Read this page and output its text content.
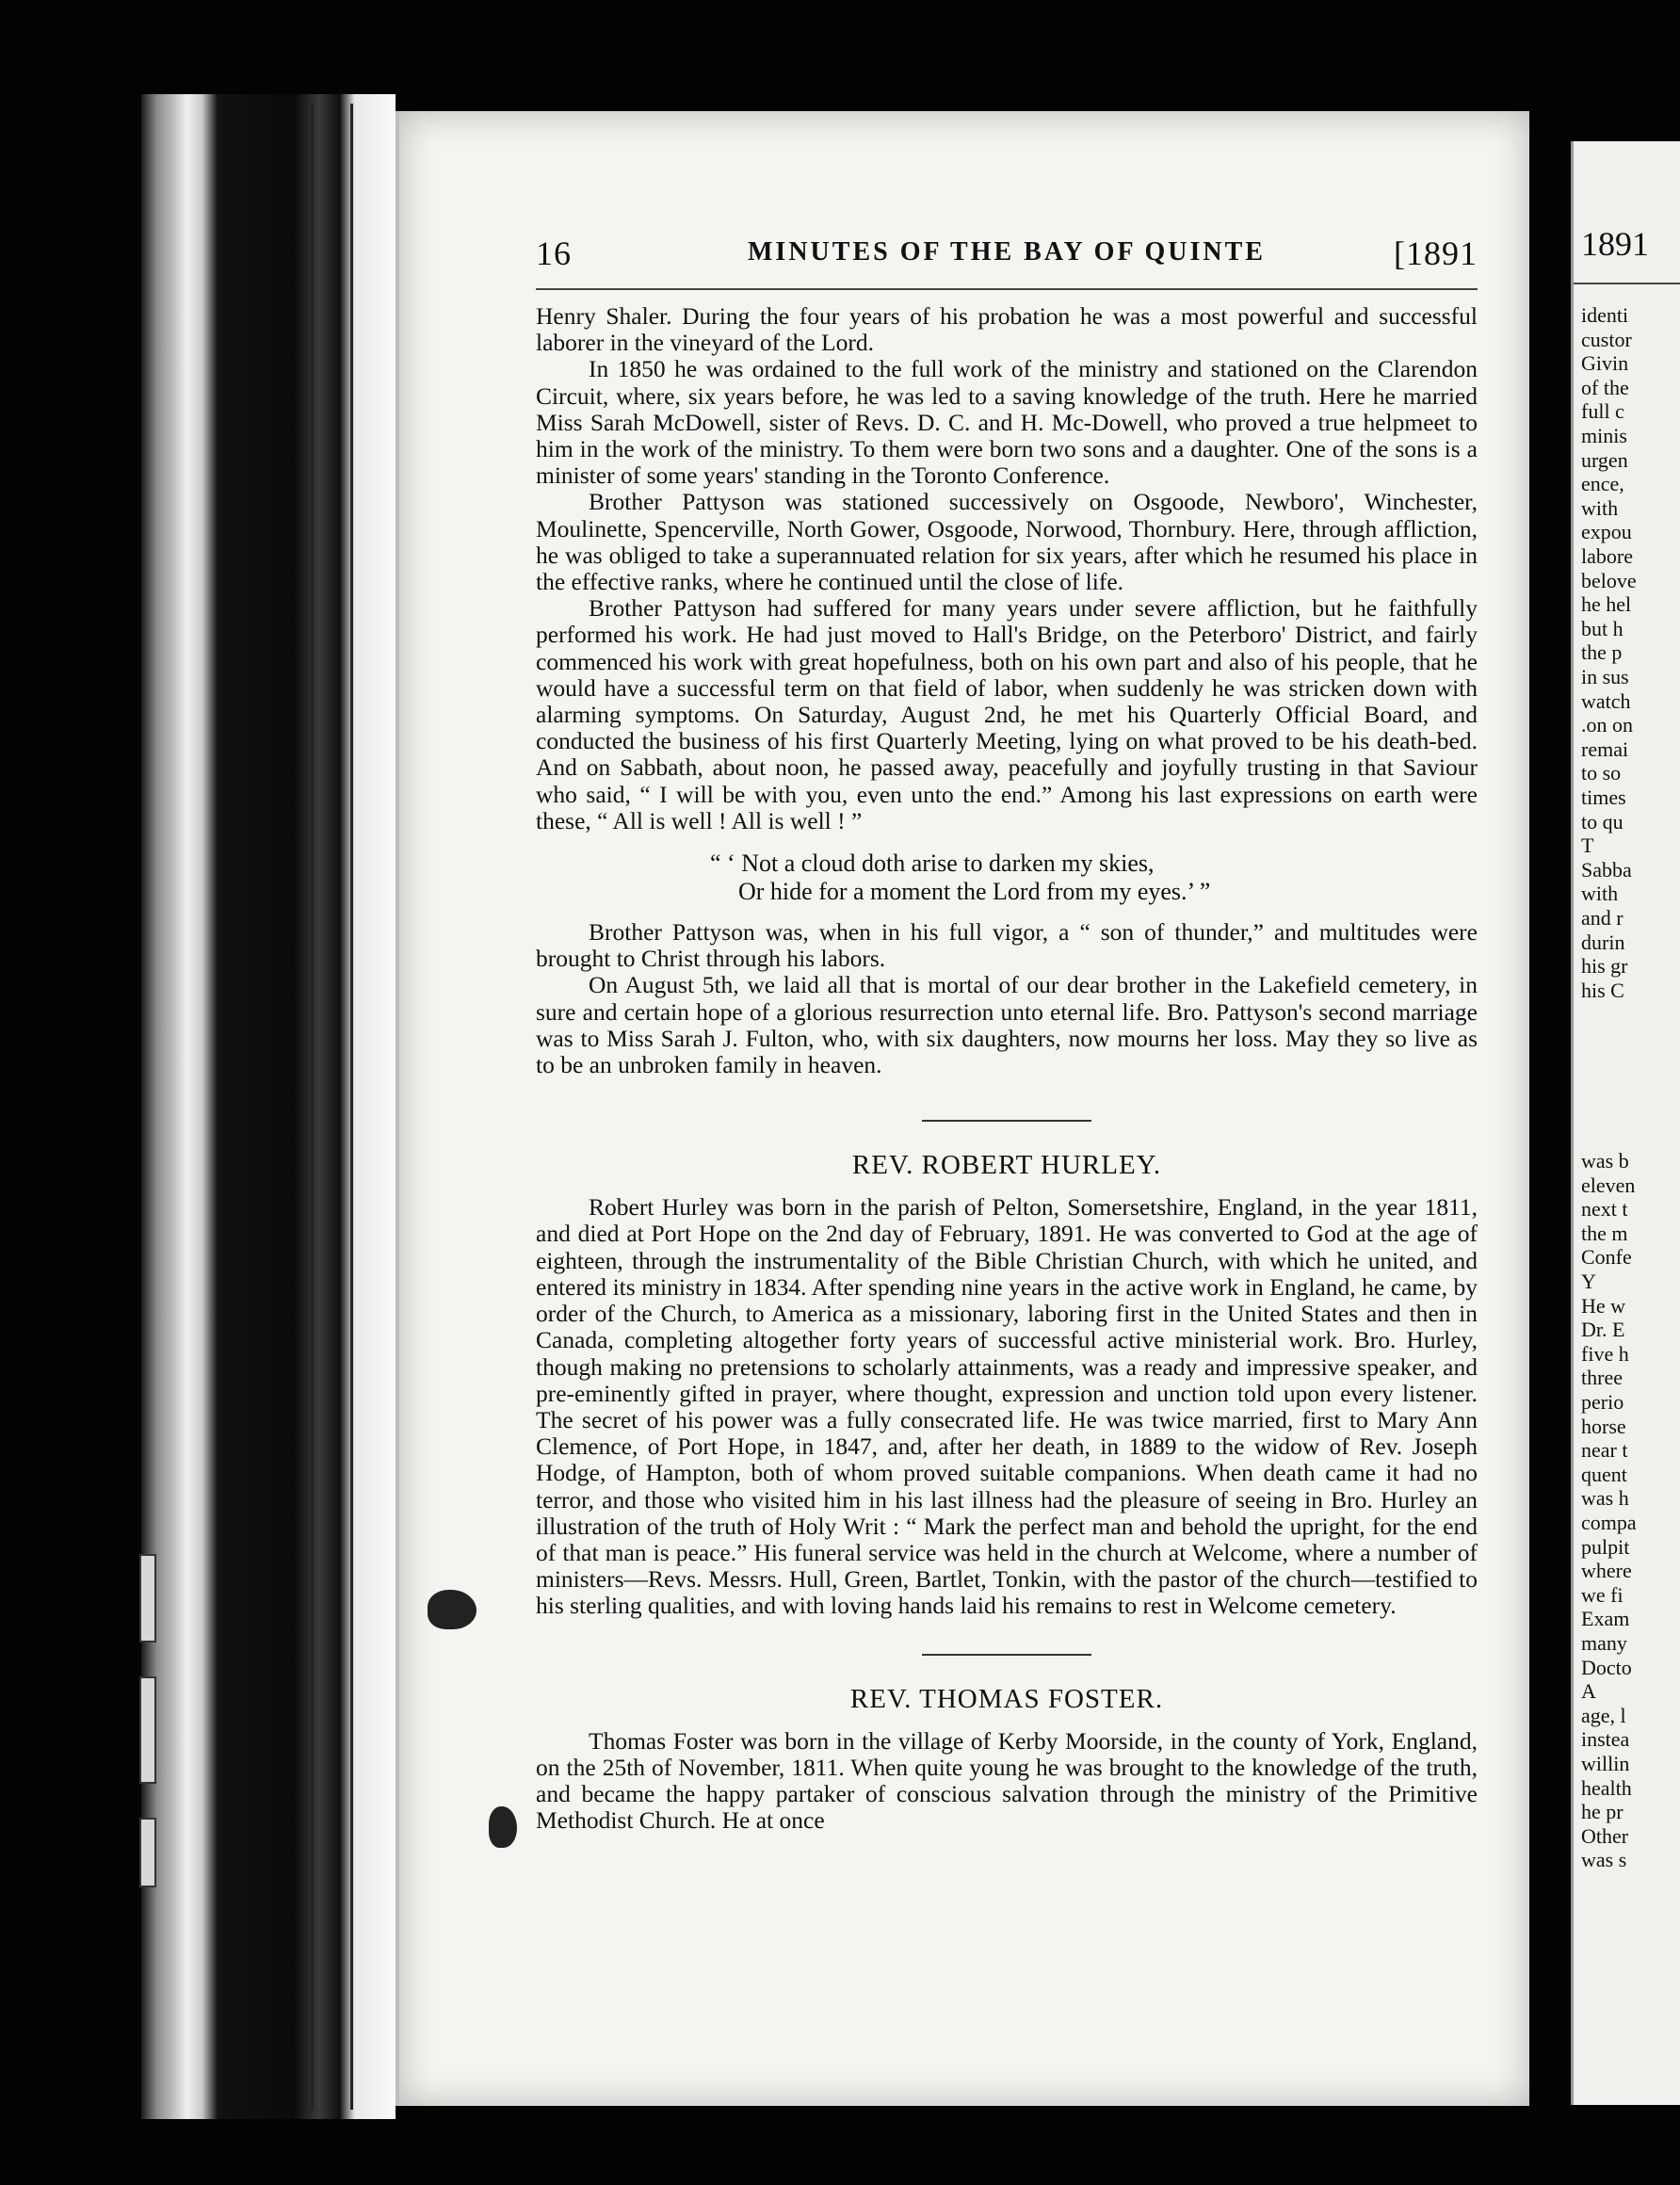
16	MINUTES OF THE BAY OF QUINTE	[1891

Henry Shaler. During the four years of his probation he was a most powerful and successful laborer in the vineyard of the Lord.

In 1850 he was ordained to the full work of the ministry and stationed on the Clarendon Circuit, where, six years before, he was led to a saving knowledge of the truth. Here he married Miss Sarah McDowell, sister of Revs. D. C. and H. Mc-Dowell, who proved a true helpmeet to him in the work of the ministry. To them were born two sons and a daughter. One of the sons is a minister of some years' standing in the Toronto Conference.

Brother Pattyson was stationed successively on Osgoode, Newboro', Winchester, Moulinette, Spencerville, North Gower, Osgoode, Norwood, Thornbury. Here, through affliction, he was obliged to take a superannuated relation for six years, after which he resumed his place in the effective ranks, where he continued until the close of life.

Brother Pattyson had suffered for many years under severe affliction, but he faithfully performed his work. He had just moved to Hall's Bridge, on the Peterboro' District, and fairly commenced his work with great hopefulness, both on his own part and also of his people, that he would have a successful term on that field of labor, when suddenly he was stricken down with alarming symptoms. On Saturday, August 2nd, he met his Quarterly Official Board, and conducted the business of his first Quarterly Meeting, lying on what proved to be his death-bed. And on Sabbath, about noon, he passed away, peacefully and joyfully trusting in that Saviour who said, “ I will be with you, even unto the end.” Among his last expressions on earth were these, “ All is well ! All is well ! ”

“ ‘ Not a cloud doth arise to darken my skies,
Or hide for a moment the Lord from my eyes.’ ”

Brother Pattyson was, when in his full vigor, a “ son of thunder,” and multitudes were brought to Christ through his labors.

On August 5th, we laid all that is mortal of our dear brother in the Lakefield cemetery, in sure and certain hope of a glorious resurrection unto eternal life. Bro. Pattyson's second marriage was to Miss Sarah J. Fulton, who, with six daughters, now mourns her loss. May they so live as to be an unbroken family in heaven.

REV. ROBERT HURLEY.

Robert Hurley was born in the parish of Pelton, Somersetshire, England, in the year 1811, and died at Port Hope on the 2nd day of February, 1891. He was converted to God at the age of eighteen, through the instrumentality of the Bible Christian Church, with which he united, and entered its ministry in 1834. After spending nine years in the active work in England, he came, by order of the Church, to America as a missionary, laboring first in the United States and then in Canada, completing altogether forty years of successful active ministerial work. Bro. Hurley, though making no pretensions to scholarly attainments, was a ready and impressive speaker, and pre-eminently gifted in prayer, where thought, expression and unction told upon every listener. The secret of his power was a fully consecrated life. He was twice married, first to Mary Ann Clemence, of Port Hope, in 1847, and, after her death, in 1889 to the widow of Rev. Joseph Hodge, of Hampton, both of whom proved suitable companions. When death came it had no terror, and those who visited him in his last illness had the pleasure of seeing in Bro. Hurley an illustration of the truth of Holy Writ : “ Mark the perfect man and behold the upright, for the end of that man is peace.” His funeral service was held in the church at Welcome, where a number of ministers—Revs. Messrs. Hull, Green, Bartlet, Tonkin, with the pastor of the church—testified to his sterling qualities, and with loving hands laid his remains to rest in Welcome cemetery.

REV. THOMAS FOSTER.

Thomas Foster was born in the village of Kerby Moorside, in the county of York, England, on the 25th of November, 1811. When quite young he was brought to the knowledge of the truth, and became the happy partaker of conscious salvation through the ministry of the Primitive Methodist Church. He at once

1891
identi
custor
Givin
of the
full c
minis
urgen
ence,
with
expou
labore
belove
he hel
but h
the p
in sus
watch
.on on
remai
to so
times
to qu
T
Sabba
with
and r
durin
his gr
his C
was b
eleven
next t
the m
Confe
Y
He w
Dr. E
five h
three
perio
horse
near t
quent
was h
compa
pulpit
where
we fi
Exam
many
Docto
A
age, l
instea
willin
health
he pr
Other
was s
